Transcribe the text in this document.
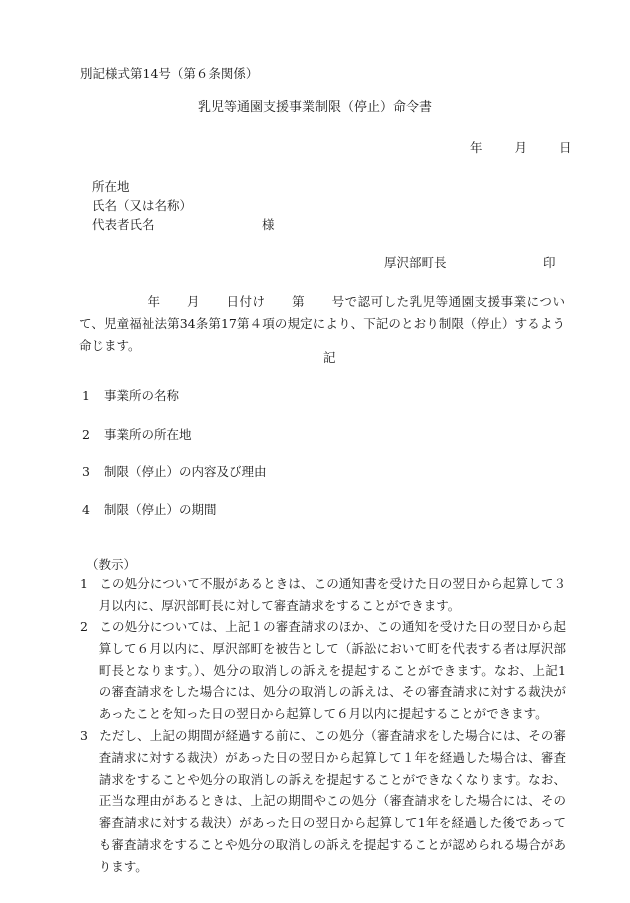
別記様式第14号（第６条関係）
乳児等通園支援事業制限（停止）命令書
年	月	日
所在地
氏名（又は名称）
代表者氏名	様
厚沢部町長	印
年 月 日付け 第 号で認可した乳児等通園支援事業について、児童福祉法第34条第17第４項の規定により、下記のとおり制限（停止）するよう命じます。
記
1 事業所の名称
2 事業所の所在地
3 制限（停止）の内容及び理由
4 制限（停止）の期間
（教示）
1 この処分について不服があるときは、この通知書を受けた日の翌日から起算して３月以内に、厚沢部町長に対して審査請求をすることができます。
2 この処分については、上記１の審査請求のほか、この通知を受けた日の翌日から起算して６月以内に、厚沢部町を被告として（訴訟において町を代表する者は厚沢部町長となります。）、処分の取消しの訴えを提起することができます。なお、上記1の審査請求をした場合には、処分の取消しの訴えは、その審査請求に対する裁決があったことを知った日の翌日から起算して６月以内に提起することができます。
3 ただし、上記の期間が経過する前に、この処分（審査請求をした場合には、その審査請求に対する裁決）があった日の翌日から起算して１年を経過した場合は、審査請求をすることや処分の取消しの訴えを提起することができなくなります。なお、正当な理由があるときは、上記の期間やこの処分（審査請求をした場合には、その審査請求に対する裁決）があった日の翌日から起算して1年を経過した後であっても審査請求をすることや処分の取消しの訴えを提起することが認められる場合があります。
